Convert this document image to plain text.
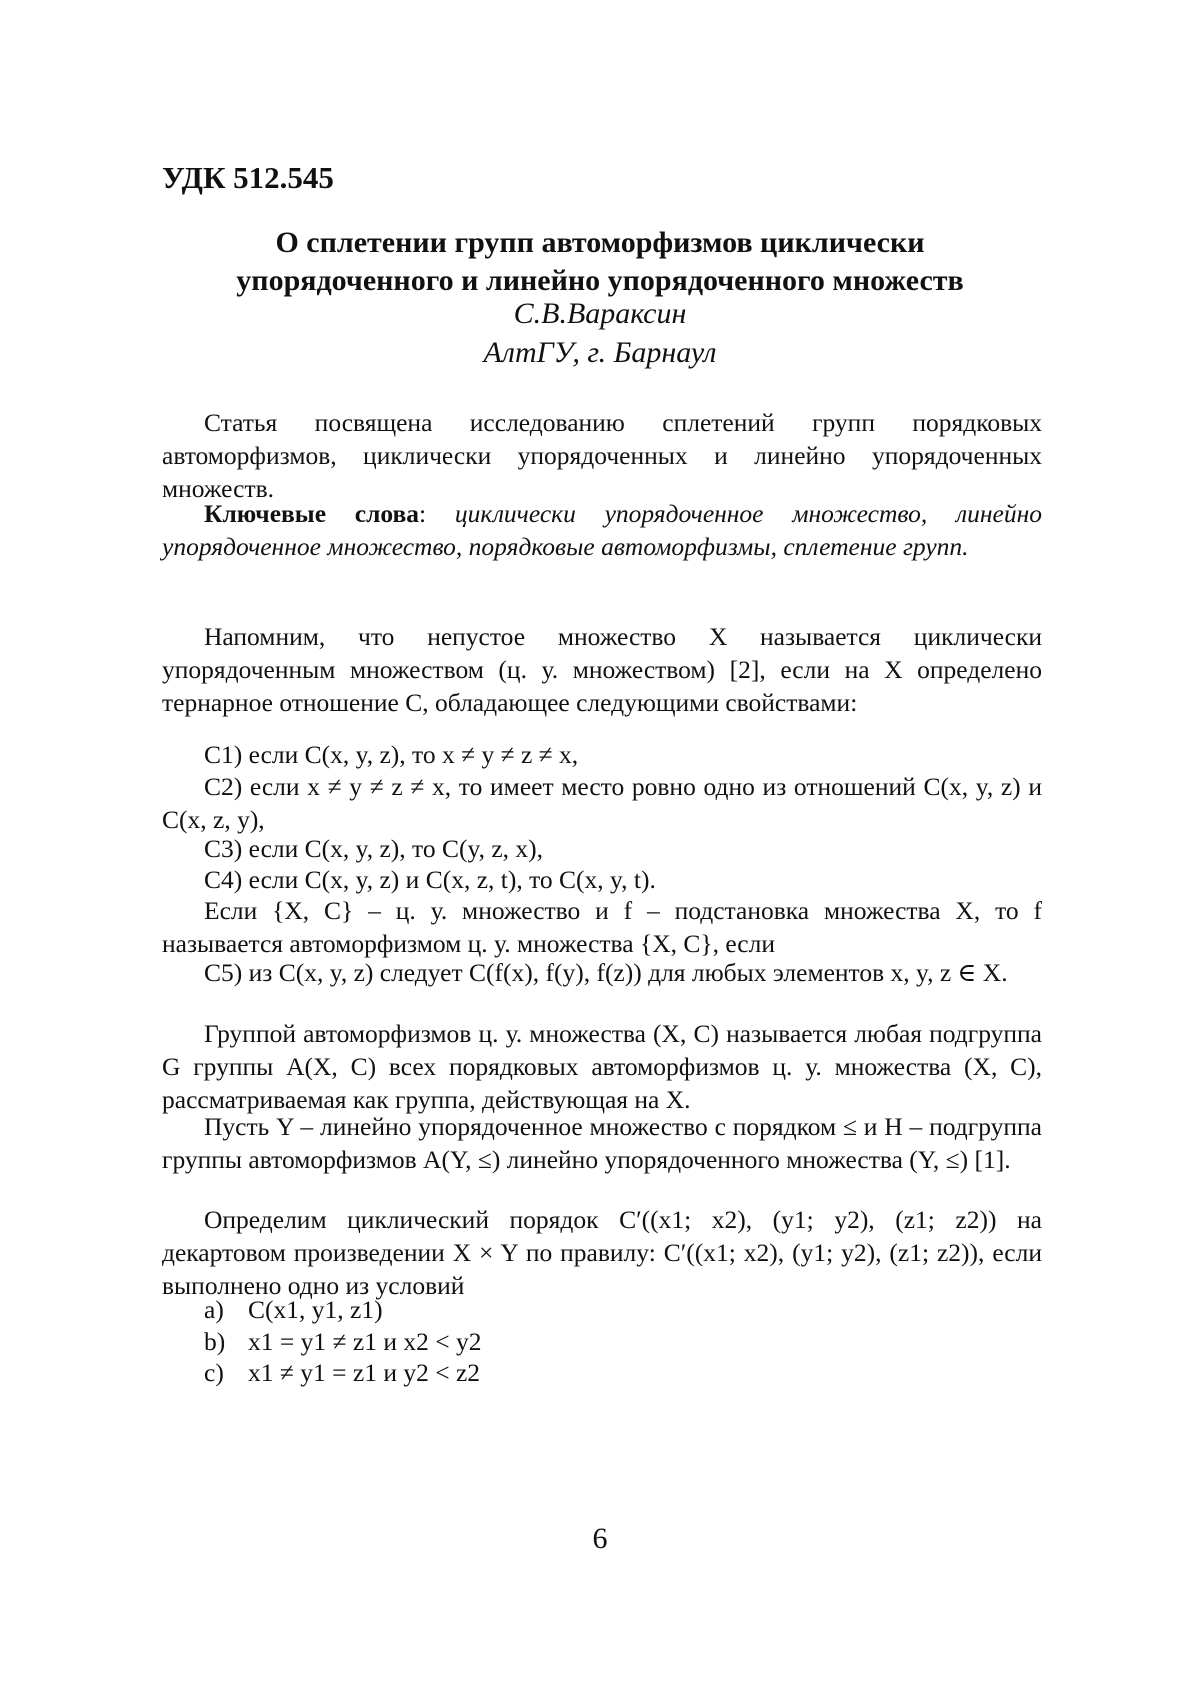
УДК 512.545
О сплетении групп автоморфизмов циклически
упорядоченного и линейно упорядоченного множеств
С.В.Вараксин
АлтГУ, г. Барнаул
Статья посвящена исследованию сплетений групп порядковых автоморфизмов, циклически упорядоченных и линейно упорядоченных множеств.
Ключевые слова: циклически упорядоченное множество, линейно упорядоченное множество, порядковые автоморфизмы, сплетение групп.
Напомним, что непустое множество X называется циклически упорядоченным множеством (ц. у. множеством) [2], если на X определено тернарное отношение C, обладающее следующими свойствами:
C1) если C(x, y, z), то x ≠ y ≠ z ≠ x,
C2) если x ≠ y ≠ z ≠ x, то имеет место ровно одно из отношений C(x, y, z) и C(x, z, y),
C3) если C(x, y, z), то C(y, z, x),
C4) если C(x, y, z) и C(x, z, t), то C(x, y, t).
Если {X, C} – ц. у. множество и f – подстановка множества X, то f называется автоморфизмом ц. у. множества {X, C}, если
C5) из C(x, y, z) следует C(f(x), f(y), f(z)) для любых элементов x, y, z ∈ X.
Группой автоморфизмов ц. у. множества (X, C) называется любая подгруппа G группы A(X, C) всех порядковых автоморфизмов ц. у. множества (X, C), рассматриваемая как группа, действующая на X.
Пусть Y – линейно упорядоченное множество с порядком ≤ и H – подгруппа группы автоморфизмов A(Y, ≤) линейно упорядоченного множества (Y, ≤) [1].
Определим циклический порядок C′((x1; x2), (y1; y2), (z1; z2)) на декартовом произведении X × Y по правилу: C′((x1; x2), (y1; y2), (z1; z2)), если выполнено одно из условий
a) C(x1, y1, z1)
b) x1 = y1 ≠ z1 и x2 < y2
c) x1 ≠ y1 = z1 и y2 < z2
6
